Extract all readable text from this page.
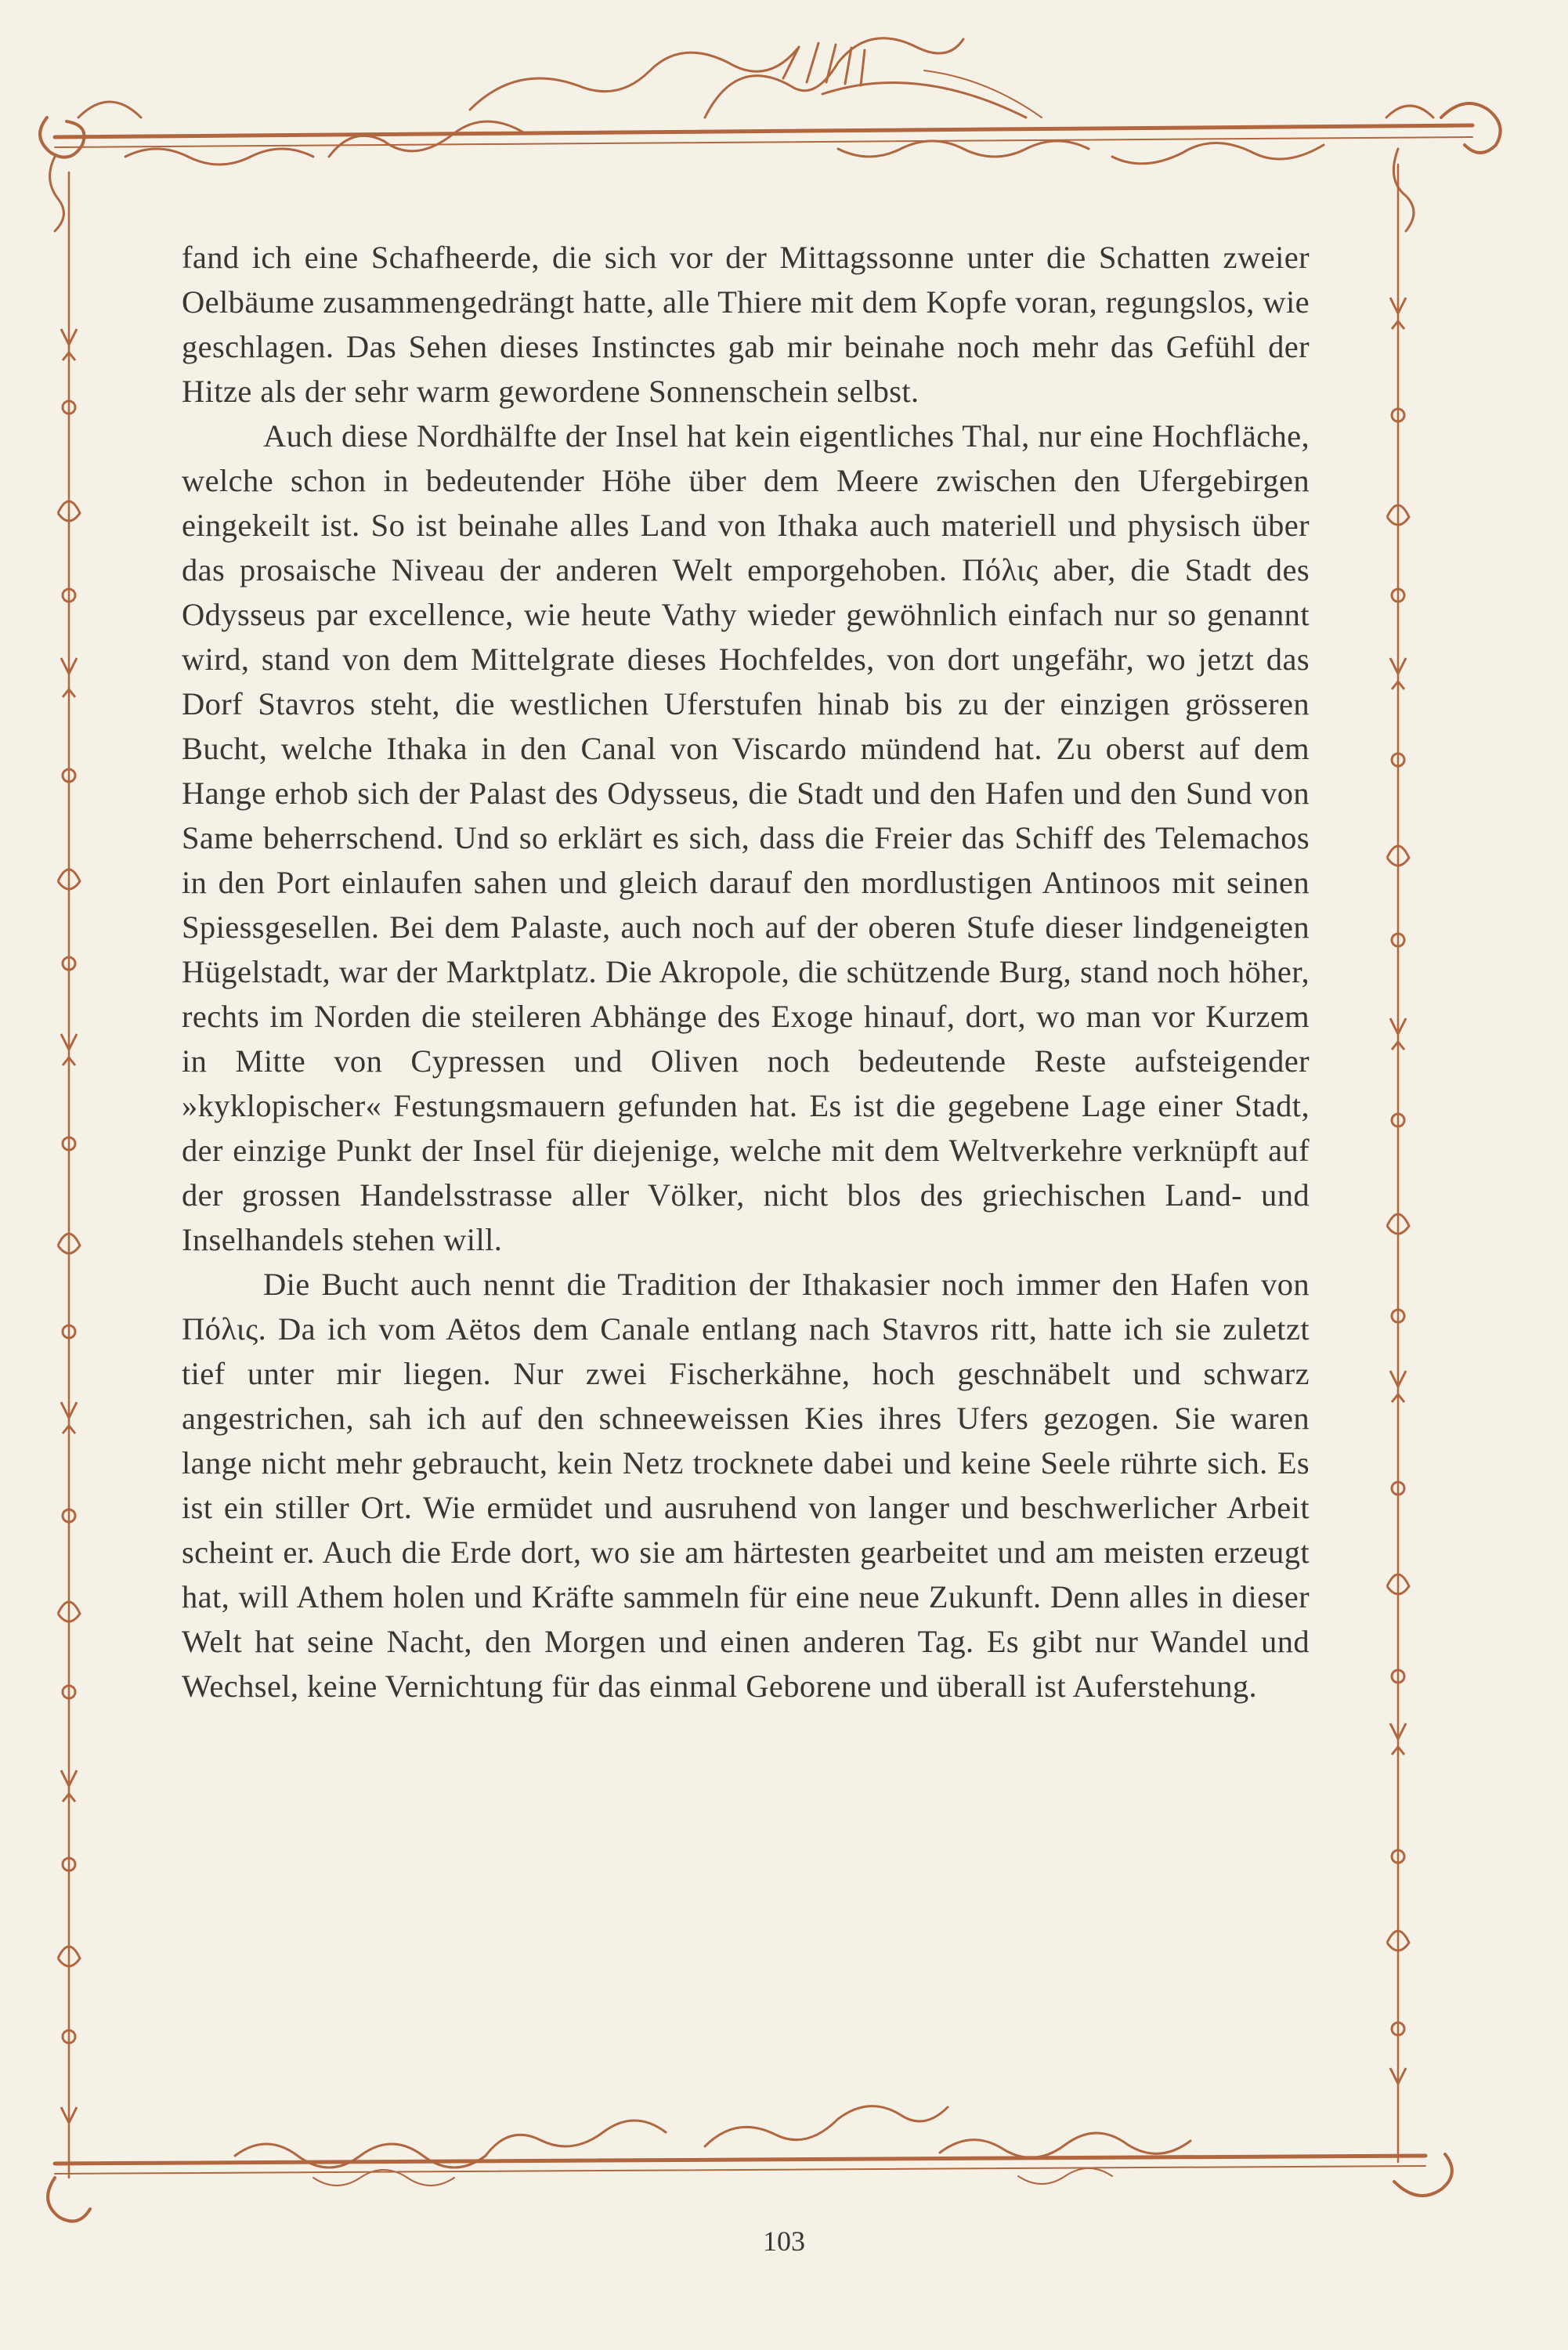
fand ich eine Schafheerde, die sich vor der Mittagssonne unter die Schatten zweier Oelbäume zusammengedrängt hatte, alle Thiere mit dem Kopfe voran, regungslos, wie geschlagen. Das Sehen dieses Instinctes gab mir beinahe noch mehr das Gefühl der Hitze als der sehr warm gewordene Sonnenschein selbst.

Auch diese Nordhälfte der Insel hat kein eigentliches Thal, nur eine Hochfläche, welche schon in bedeutender Höhe über dem Meere zwischen den Ufergebirgen eingekeilt ist. So ist beinahe alles Land von Ithaka auch materiell und physisch über das prosaische Niveau der anderen Welt emporgehoben. Πόλις aber, die Stadt des Odysseus par excellence, wie heute Vathy wieder gewöhnlich einfach nur so genannt wird, stand von dem Mittelgrate dieses Hochfeldes, von dort ungefähr, wo jetzt das Dorf Stavros steht, die westlichen Uferstufen hinab bis zu der einzigen grösseren Bucht, welche Ithaka in den Canal von Viscardo mündend hat. Zu oberst auf dem Hange erhob sich der Palast des Odysseus, die Stadt und den Hafen und den Sund von Same beherrschend. Und so erklärt es sich, dass die Freier das Schiff des Telemachos in den Port einlaufen sahen und gleich darauf den mordlustigen Antinoos mit seinen Spiessgesellen. Bei dem Palaste, auch noch auf der oberen Stufe dieser lindgeneigten Hügelstadt, war der Marktplatz. Die Akropole, die schützende Burg, stand noch höher, rechts im Norden die steileren Abhänge des Exoge hinauf, dort, wo man vor Kurzem in Mitte von Cypressen und Oliven noch bedeutende Reste aufsteigender »kyklopischer« Festungsmauern gefunden hat. Es ist die gegebene Lage einer Stadt, der einzige Punkt der Insel für diejenige, welche mit dem Weltverkehre verknüpft auf der grossen Handelsstrasse aller Völker, nicht blos des griechischen Land- und Inselhandels stehen will.

Die Bucht auch nennt die Tradition der Ithakasier noch immer den Hafen von Πόλις. Da ich vom Aëtos dem Canale entlang nach Stavros ritt, hatte ich sie zuletzt tief unter mir liegen. Nur zwei Fischerkähne, hoch geschnäbelt und schwarz angestrichen, sah ich auf den schneeweissen Kies ihres Ufers gezogen. Sie waren lange nicht mehr gebraucht, kein Netz trocknete dabei und keine Seele rührte sich. Es ist ein stiller Ort. Wie ermüdet und ausruhend von langer und beschwerlicher Arbeit scheint er. Auch die Erde dort, wo sie am härtesten gearbeitet und am meisten erzeugt hat, will Athem holen und Kräfte sammeln für eine neue Zukunft. Denn alles in dieser Welt hat seine Nacht, den Morgen und einen anderen Tag. Es gibt nur Wandel und Wechsel, keine Vernichtung für das einmal Geborene und überall ist Auferstehung.

103
